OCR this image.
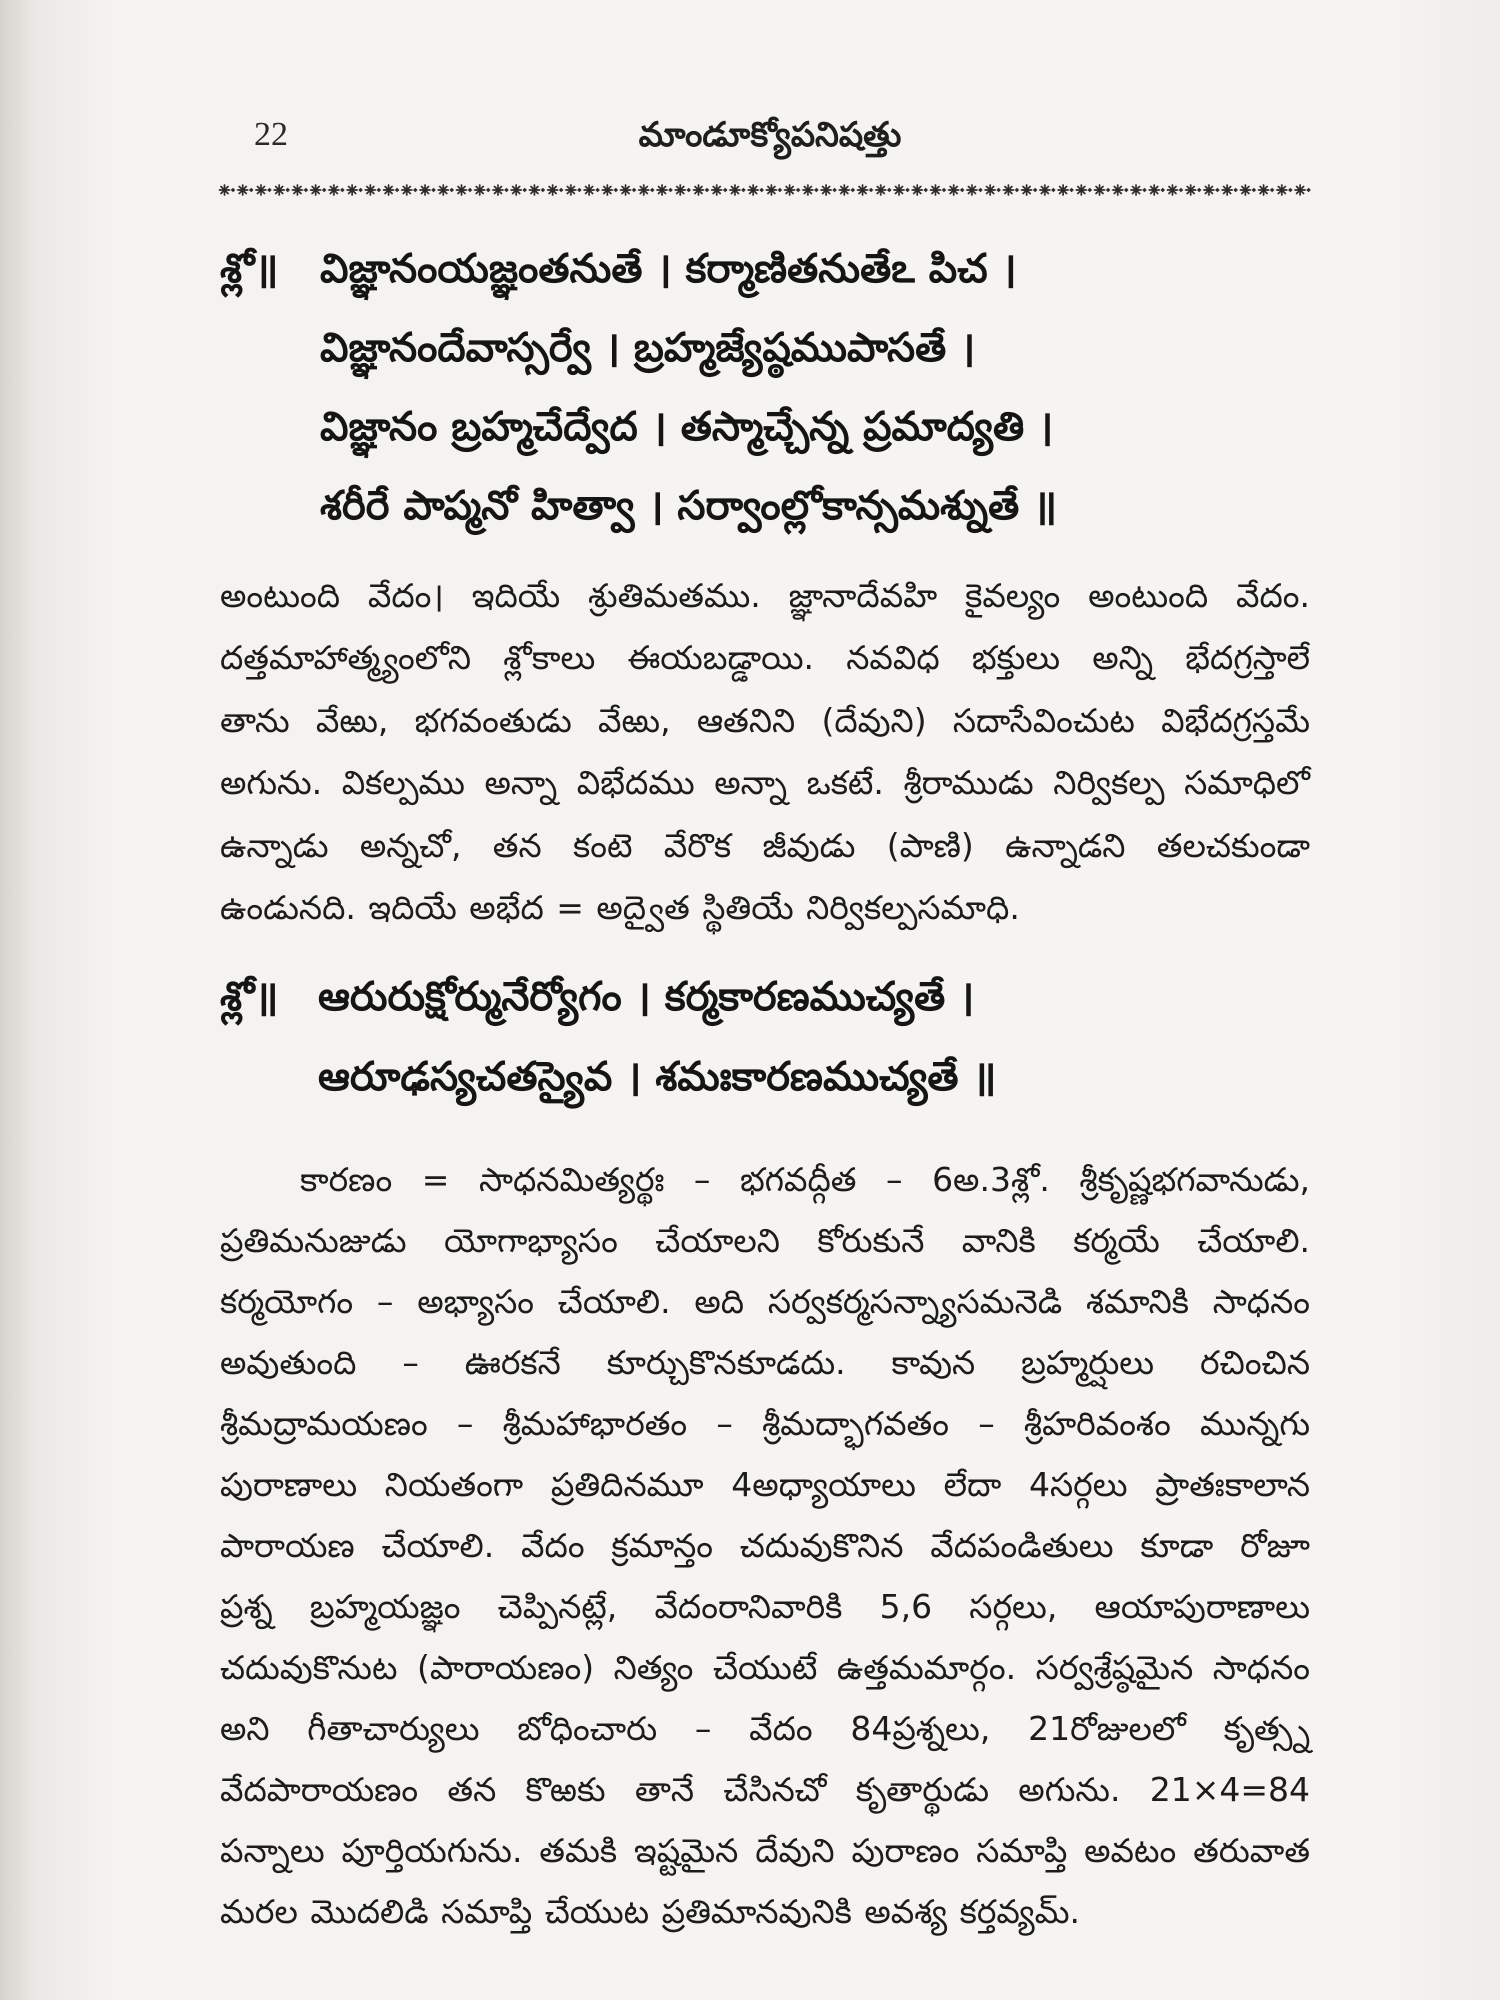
22	మాండూక్యోపనిషత్తు
శ్లో॥ విజ్ఞానంయజ్ఞంతనుతే । కర్మాణితనుతేఽ పిచ ।
విజ్ఞానందేవాస్సర్వే । బ్రహ్మజ్యేష్ఠముపాసతే ।
విజ్ఞానం బ్రహ్మచేద్వేద । తస్మాచ్చేన్న ప్రమాద్యతి ।
శరీరే పాప్మనో హిత్వా । సర్వాంల్లోకాన్సమశ్నుతే ॥
అంటుంది వేదం। ఇదియే శ్రుతిమతము. జ్ఞానాదేవహి కైవల్యం అంటుంది వేదం.
దత్తమాహాత్మ్యంలోని శ్లోకాలు ఈయబడ్డాయి. నవవిధ భక్తులు అన్ని భేదగ్రస్తాలే
తాను వేఱు, భగవంతుడు వేఱు, ఆతనిని (దేవుని) సదాసేవించుట విభేదగ్రస్తమే
అగును. వికల్పము అన్నా విభేదము అన్నా ఒకటే. శ్రీరాముడు నిర్వికల్ప సమాధిలో
ఉన్నాడు అన్నచో, తన కంటె వేరొక జీవుడు (పాణి) ఉన్నాడని తలచకుండా
ఉండునది. ఇదియే అభేద = అద్వైత స్థితియే నిర్వికల్పసమాధి.
శ్లో॥ ఆరురుక్షోర్మునేర్యోగం । కర్మకారణముచ్యతే ।
ఆరూఢస్యచతస్యైవ । శమఃకారణముచ్యతే ॥
కారణం = సాధనమిత్యర్థః – భగవద్గీత – 6అ.3శ్లో. శ్రీకృష్ణభగవానుడు,
ప్రతిమనుజుడు యోగాభ్యాసం చేయాలని కోరుకునే వానికి కర్మయే చేయాలి.
కర్మయోగం – అభ్యాసం చేయాలి. అది సర్వకర్మసన్న్యాసమనెడి శమానికి సాధనం
అవుతుంది – ఊరకనే కూర్చుకొనకూడదు. కావున బ్రహ్మర్షులు రచించిన
శ్రీమద్రామయణం – శ్రీమహాభారతం – శ్రీమద్భాగవతం – శ్రీహరివంశం మున్నగు
పురాణాలు నియతంగా ప్రతిదినమూ 4అధ్యాయాలు లేదా 4సర్గలు ప్రాతఃకాలాన
పారాయణ చేయాలి. వేదం క్రమాన్తం చదువుకొనిన వేదపండితులు కూడా రోజూ
ప్రశ్న బ్రహ్మయజ్ఞం చెప్పినట్లే, వేదంరానివారికి 5,6 సర్గలు, ఆయాపురాణాలు
చదువుకొనుట (పారాయణం) నిత్యం చేయుటే ఉత్తమమార్గం. సర్వశ్రేష్ఠమైన సాధనం
అని గీతాచార్యులు బోధించారు – వేదం 84ప్రశ్నలు, 21రోజులలో కృత్స్న
వేదపారాయణం తన కొఱకు తానే చేసినచో కృతార్థుడు అగును. 21×4=84
పన్నాలు పూర్తియగును. తమకి ఇష్టమైన దేవుని పురాణం సమాప్తి అవటం తరువాత
మరల మొదలిడి సమాప్తి చేయుట ప్రతిమానవునికి అవశ్య కర్తవ్యమ్.
